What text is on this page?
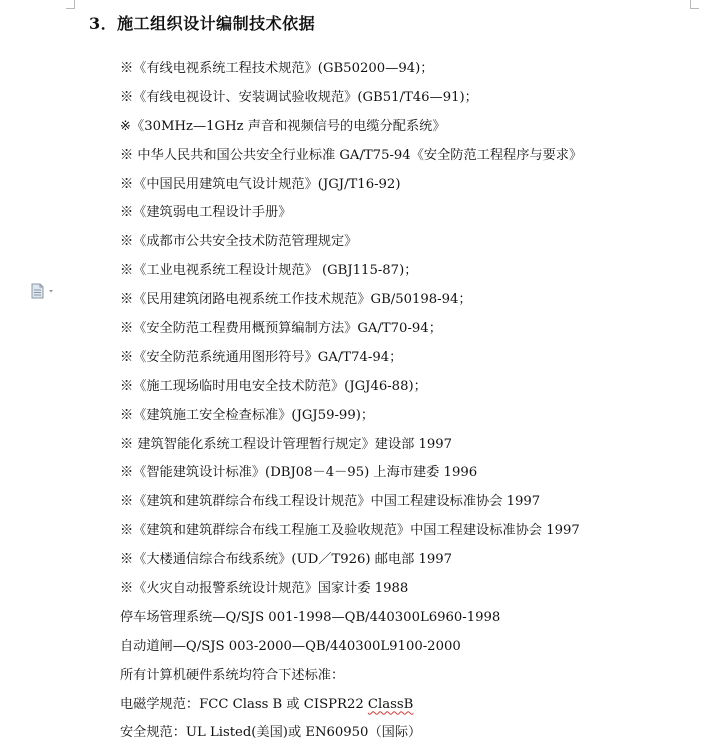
3．施工组织设计编制技术依据
※《有线电视系统工程技术规范》(GB50200—94)；
※《有线电视设计、安装调试验收规范》(GB51/T46—91)；
※《30MHz—1GHz 声音和视频信号的电缆分配系统》
※ 中华人民共和国公共安全行业标准 GA/T75-94《安全防范工程程序与要求》
※《中国民用建筑电气设计规范》(JGJ/T16-92)
※《建筑弱电工程设计手册》
※《成都市公共安全技术防范管理规定》
※《工业电视系统工程设计规范》 (GBJ115-87)；
※《民用建筑闭路电视系统工作技术规范》GB/50198-94；
※《安全防范工程费用概预算编制方法》GA/T70-94；
※《安全防范系统通用图形符号》GA/T74-94；
※《施工现场临时用电安全技术防范》(JGJ46-88)；
※《建筑施工安全检查标准》(JGJ59-99)；
※ 建筑智能化系统工程设计管理暂行规定》建设部 1997
※《智能建筑设计标准》(DBJ08－4－95) 上海市建委 1996
※《建筑和建筑群综合布线工程设计规范》中国工程建设标准协会 1997
※《建筑和建筑群综合布线工程施工及验收规范》中国工程建设标准协会 1997
※《大楼通信综合布线系统》(UD／T926) 邮电部 1997
※《火灾自动报警系统设计规范》国家计委 1988
停车场管理系统—Q/SJS 001-1998—QB/440300L6960-1998
自动道闸—Q/SJS 003-2000—QB/440300L9100-2000
所有计算机硬件系统均符合下述标准：
电磁学规范：FCC Class B 或 CISPR22 ClassB
安全规范：UL Listed(美国)或 EN60950（国际）
